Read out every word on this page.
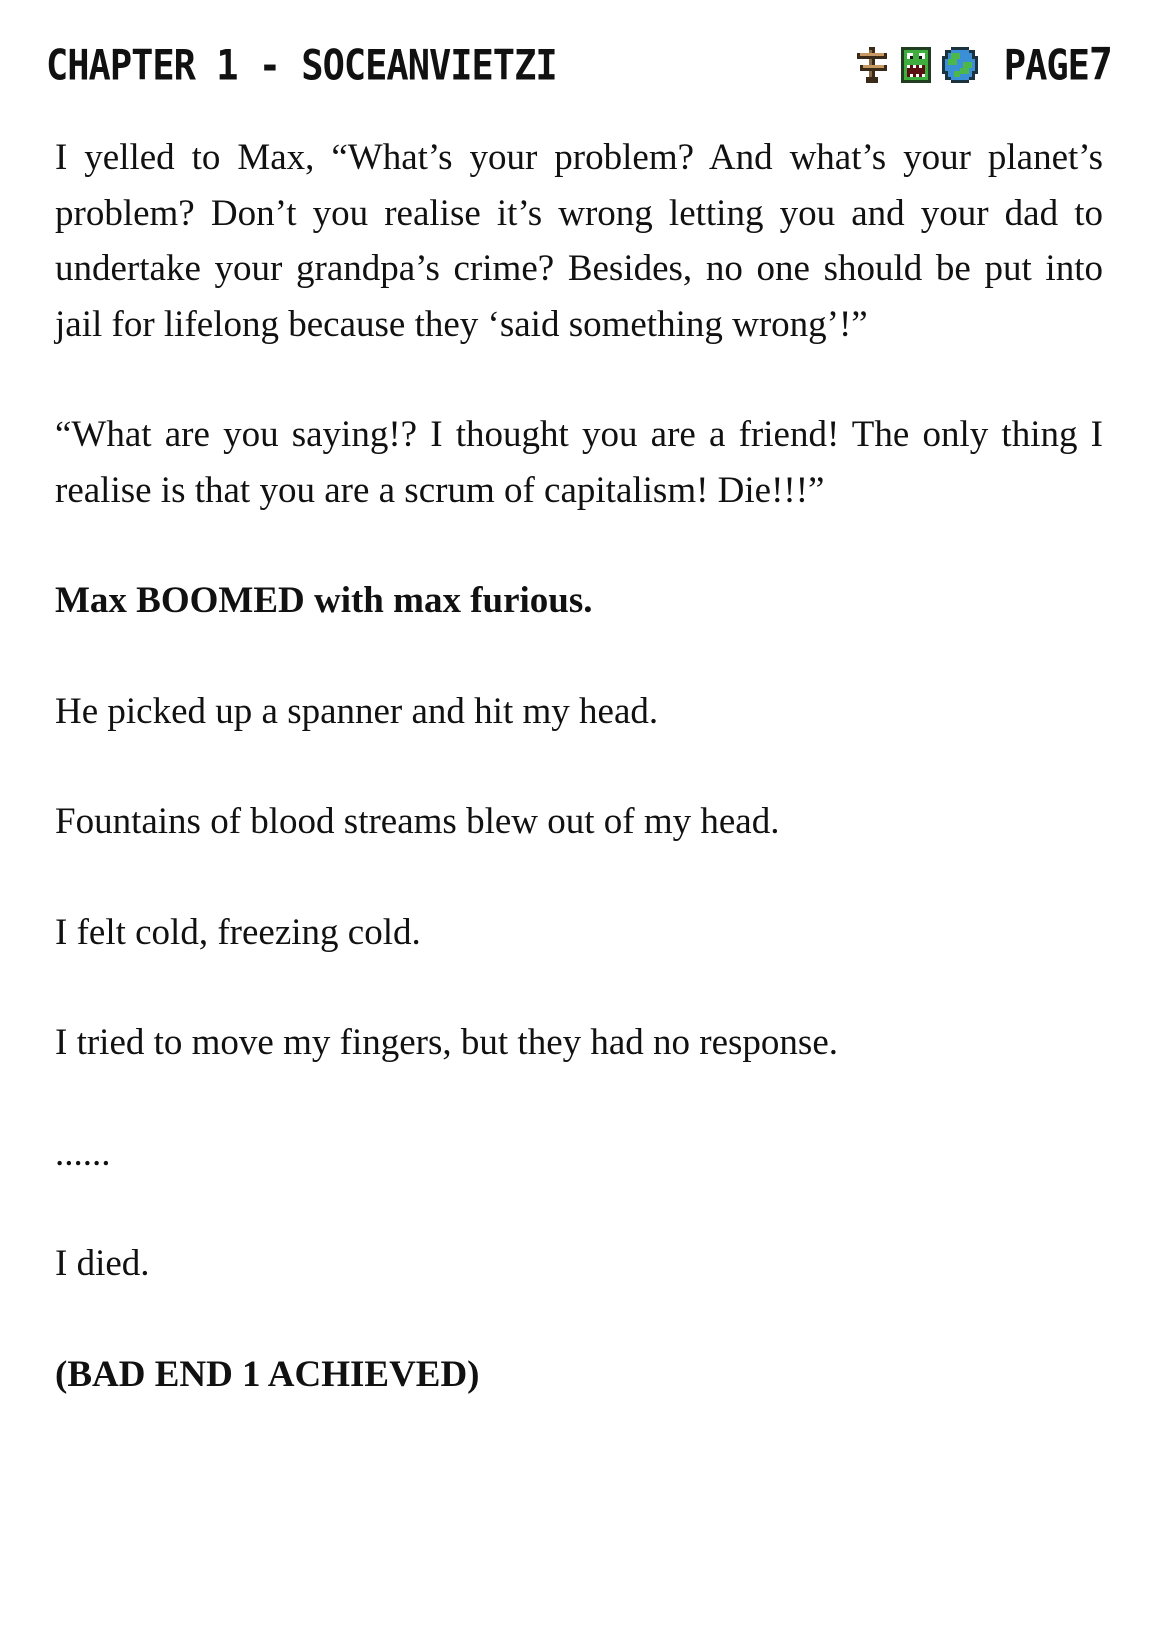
CHAPTER 1 - SOCEANVIETZI	PAGE7

I yelled to Max, “What’s your problem? And what’s your planet’s problem? Don’t you realise it’s wrong letting you and your dad to undertake your grandpa’s crime? Besides, no one should be put into jail for lifelong because they ‘said something wrong’!”

“What are you saying!? I thought you are a friend! The only thing I realise is that you are a scrum of capitalism! Die!!!”

Max BOOMED with max furious.

He picked up a spanner and hit my head.

Fountains of blood streams blew out of my head.

I felt cold, freezing cold.

I tried to move my fingers, but they had no response.

......

I died.

(BAD END 1 ACHIEVED)
